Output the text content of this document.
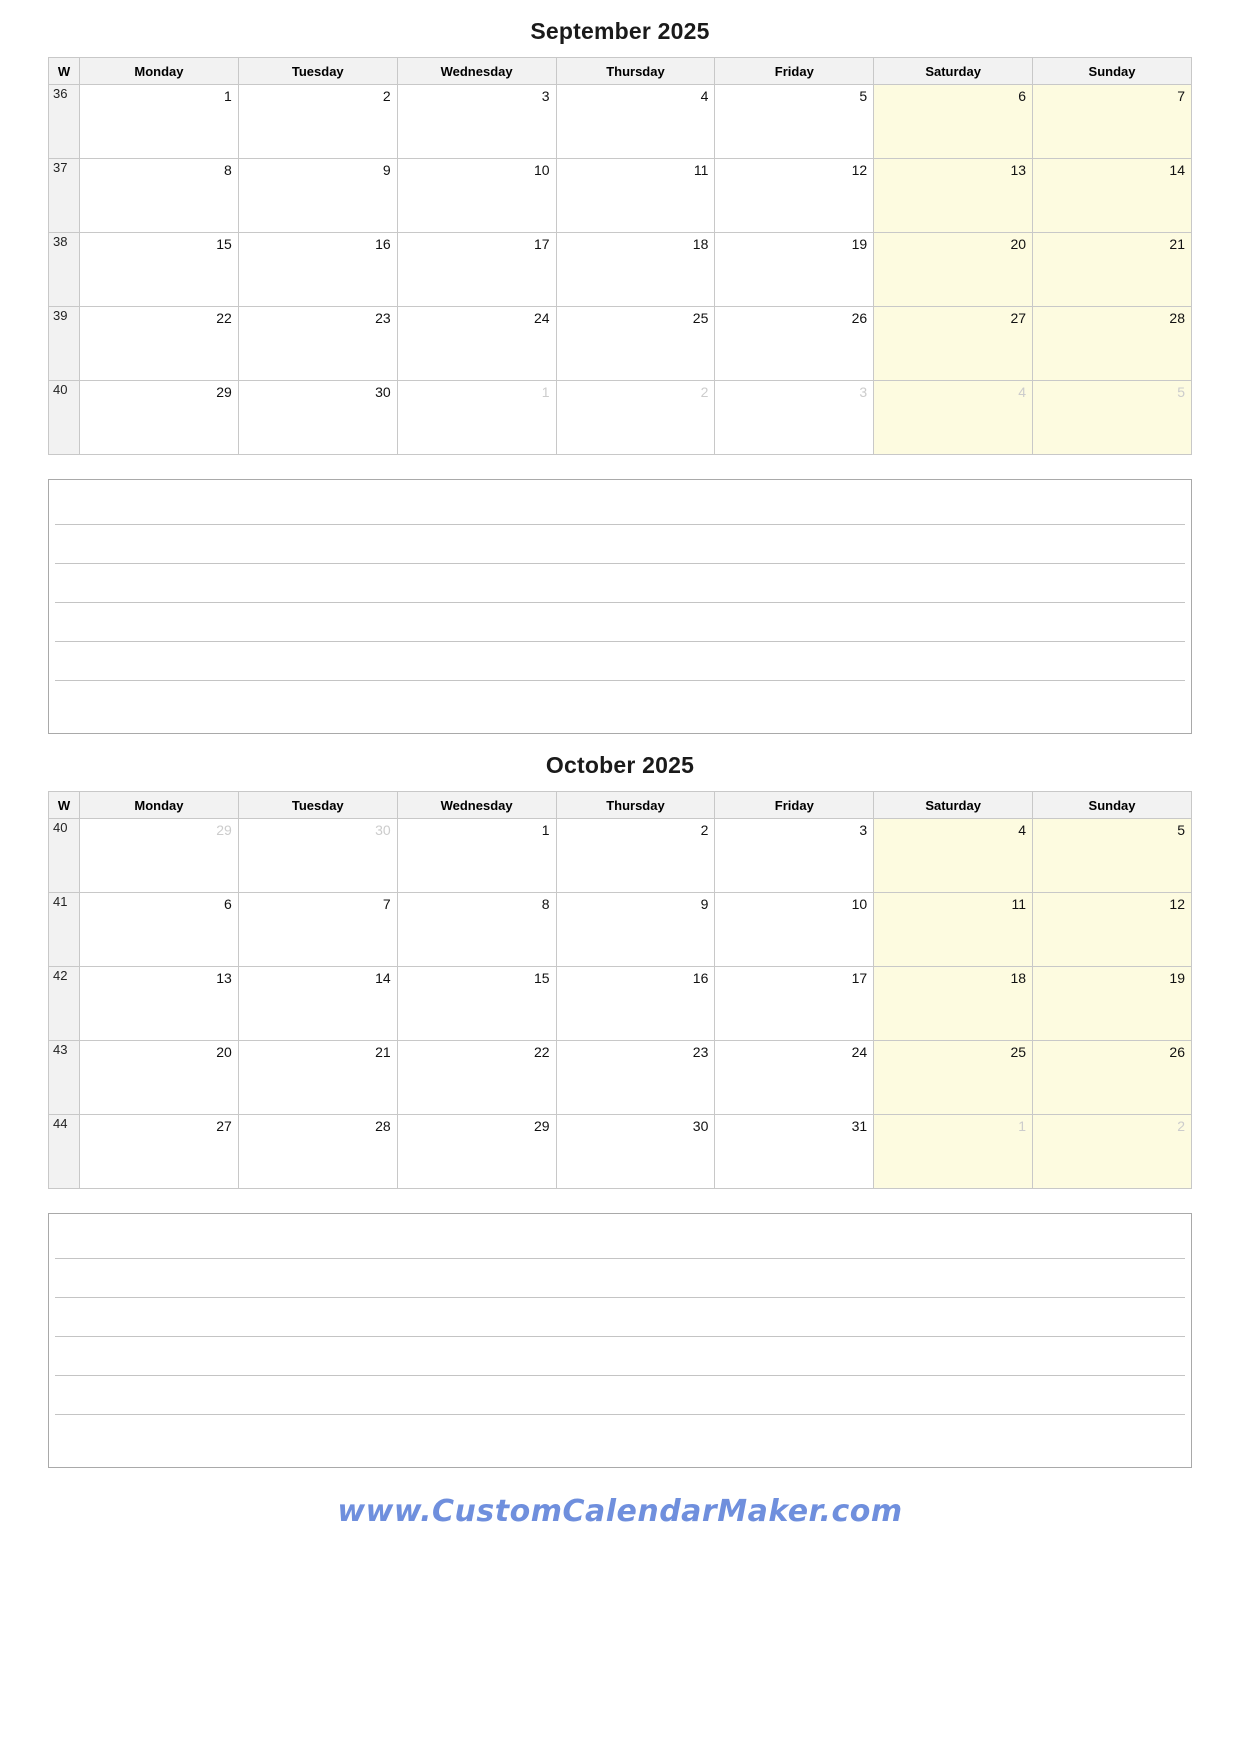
September 2025
W	Monday	Tuesday	Wednesday	Thursday	Friday	Saturday	Sunday
36	1	2	3	4	5	6	7
37	8	9	10	11	12	13	14
38	15	16	17	18	19	20	21
39	22	23	24	25	26	27	28
40	29	30	1	2	3	4	5
October 2025
W	Monday	Tuesday	Wednesday	Thursday	Friday	Saturday	Sunday
40	29	30	1	2	3	4	5
41	6	7	8	9	10	11	12
42	13	14	15	16	17	18	19
43	20	21	22	23	24	25	26
44	27	28	29	30	31	1	2
www.CustomCalendarMaker.com
